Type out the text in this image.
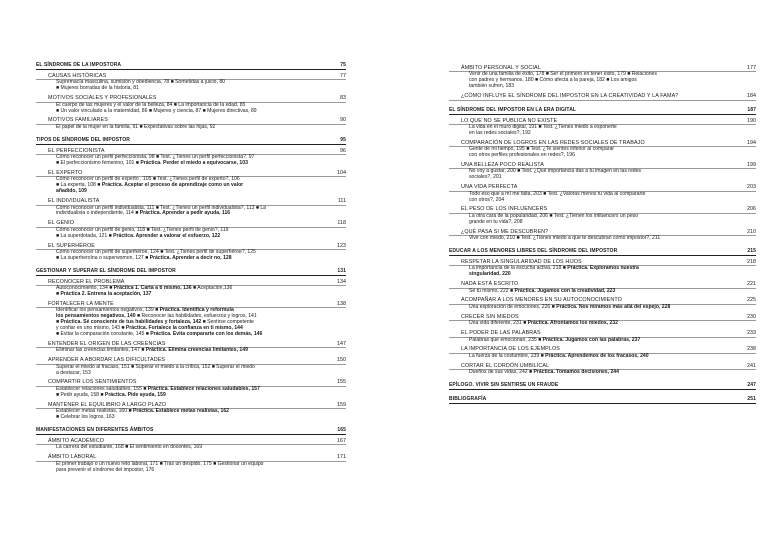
EL SÍNDROME DE LA IMPOSTORA	75
CAUSAS HISTÓRICAS	77
Supremacía masculina, sumisión y obediencia, 78 ■ Sometidas a juicio, 80
■ Mujeres borradas de la historia, 81
MOTIVOS SOCIALES Y PROFESIONALES	83
El cuerpo de las mujeres y el valor de la belleza, 84 ■ La importancia de la edad, 85
■ Un valor vinculado a la maternidad, 86 ■ Mujeres y ciencia, 87 ■ Mujeres directivas, 89
MOTIVOS FAMILIARES	90
El papel de la mujer en la familia, 91 ■ Expectativas sobre las hijas, 92
TIPOS DE SÍNDROME DEL IMPOSTOR	95
EL PERFECCIONISTA	96
Cómo reconocer un perfil perfeccionista, 98 ■ Test. ¿Tienes un perfil perfeccionista?, 97
■ El perfeccionismo femenino, 101 ■ Práctica. Perder el miedo a equivocarse, 103
EL EXPERTO	104
Cómo reconocer un perfil de experto , 105 ■ Test. ¿Tienes perfil de experto?, 106
■ La experta, 108 ■ Práctica. Aceptar el proceso de aprendizaje como un valor
añadido, 109
EL INDIVIDUALISTA	111
Cómo reconocer un perfil individualista, 111 ■ Test. ¿Tienes un perfil individualista?, 113 ■ La
individualista o independiente, 114 ■ Práctica. Aprender a pedir ayuda, 116
EL GENIO	118
Cómo reconocer un perfil de genio, 118 ■ Test. ¿Tienes perfil de genio?, 119
■ La superdotada, 121 ■ Práctica. Aprender a valorar el esfuerzo, 122
EL SUPERHÉROE	123
Cómo reconocer un perfil de superhéroe, 124 ■ Test. ¿Tienes perfil de superhéroe?, 125
■ La superheroína o superwomon, 127 ■ Práctica. Aprender a decir no, 128
GESTIONAR Y SUPERAR EL SÍNDROME DEL IMPOSTOR	131
RECONOCER EL PROBLEMA	134
Autoconocimiento, 134 ■ Práctica 1. Carta a ti mismo, 136 ■ Aceptación,136
■ Práctica 2. Entrena la aceptación, 137
FORTALECER LA MENTE	138
Identificar los pensamientos negativos, 139 ■ Práctica. Identifica y reformula
los pensamientos negativos, 140 ■ Reconocer las habilidades, esfuerzos y logros, 141
■ Práctica. Sé consciente de tus habilidades y fortaleza, 142 ■ Sentirse competente
y confiar en uno mismo, 143 ■ Práctica. Fortalece la confianza en ti mismo, 144
■ Evitar la comparación constante, 145 ■ Práctica. Evita compararte con los demás, 146
ENTENDER EL ORIGEN DE LAS CREENCIAS	147
Eliminar las creencias limitantes, 147 ■ Práctica. Elimina creencias limitantes, 149
APRENDER A ABORDAR LAS DIFICULTADES	150
Superar el miedo al fracaso, 151 ■ Superar el miedo a la crítica, 152 ■ Superar el miedo
a destacar, 153
COMPARTIR LOS SENTIMIENTOS	155
Establecer relaciones saludables, 155 ■ Práctica. Establece relaciones saludables, 157
■ Pedir ayuda, 158 ■ Práctica. Pide ayuda, 159
MANTENER EL EQUILIBRIO A LARGO PLAZO	159
Establecer metas realistas, 160 ■ Práctica. Establece metas realistas, 162
■ Celebrar los logros, 163
MANIFESTACIONES EN DIFERENTES ÁMBITOS	165
ÁMBITO ACADÉMICO	167
La carrera del estudiante, 168 ■ El sentimiento en docentes, 169
ÁMBITO LABORAL	171
El primer trabajo o un nuevo reto laboral, 171 ■ Tras un despido, 175 ■ Gestionar un equipo
para prevenir el síndrome del impostor, 176
ÁMBITO PERSONAL Y SOCIAL	177
Venir de una familia de éxito, 178 ■ Ser el primero en tener éxito, 179 ■ Relaciones
con padres y hermanos, 180 ■ Cómo afecta a la pareja, 182 ■ Los amigos
también sufren, 183
¿CÓMO INFLUYE EL SÍNDROME DEL IMPOSTOR EN LA CREATIVIDAD Y LA FAMA?	184
EL SÍNDROME DEL IMPOSTOR EN LA ERA DIGITAL	187
LO QUE NO SE PUBLICA NO EXISTE	190
La vida en el muro digital, 191 ■ Test. ¿Tienes miedo a exponerte
en las redes sociales?, 192
COMPARACIÓN DE LOGROS EN LAS REDES SOCIALES DE TRABAJO	194
Gente de mi tiempo, 195 ■ Test. ¿Te sientes inferior al comparar
con otros perfiles profesionales en redes?, 196
UNA BELLEZA POCO REALISTA	199
No voy a gustar, 200 ■ Test. ¿Qué importancia das a tu imagen en las redes
sociales?, 201
UNA VIDA PERFECTA	203
Todo eso que a mí me falta, 203 ■ Test. ¿Valoras menos tu vida al compararte
con otros?, 204
EL PESO DE LOS INFLUENCERS	206
La otra cara de la popularidad, 206 ■ Test. ¿Tienen los influencers un peso
grande en tu vida?, 208
¿QUÉ PASA SI ME DESCUBREN?	210
Vivir con miedo, 210 ■ Test. ¿Tienes miedo a que te descubran como impostor?, 211
EDUCAR A LOS MENORES LIBRES DEL SÍNDROME DEL IMPOSTOR	215
RESPETAR LA SINGULARIDAD DE LOS HIJOS	218
La importancia de la escucha activa, 218 ■ Práctica. Exploramos nuestra
singularidad, 220
NADA ESTÁ ESCRITO	221
Sé tú mismo, 222 ■ Práctica. Jugamos con la creatividad, 223
ACOMPAÑAR A LOS MENORES EN SU AUTOCONOCIMIENTO	225
Una exploración de emociones, 226 ■ Práctica. Nos miramos más allá del espejo, 228
CRECER SIN MIEDOS	230
Una vida diferente, 231 ■ Práctica. Afrontamos los miedos, 232
EL PODER DE LAS PALABRAS	233
Palabras que emocionan, 235 ■ Práctica. Jugamos con las palabras, 237
LA IMPORTANCIA DE LOS EJEMPLOS	238
La fuerza de la costumbre, 239 ■ Práctica. Aprendemos de los fracasos, 240
CORTAR EL CORDÓN UMBILICAL	241
Dueños de sus vidas, 242 ■ Práctica. Tomamos decisiones, 244
EPÍLOGO. VIVIR SIN SENTIRSE UN FRAUDE	247
BIBLIOGRAFÍA	251
